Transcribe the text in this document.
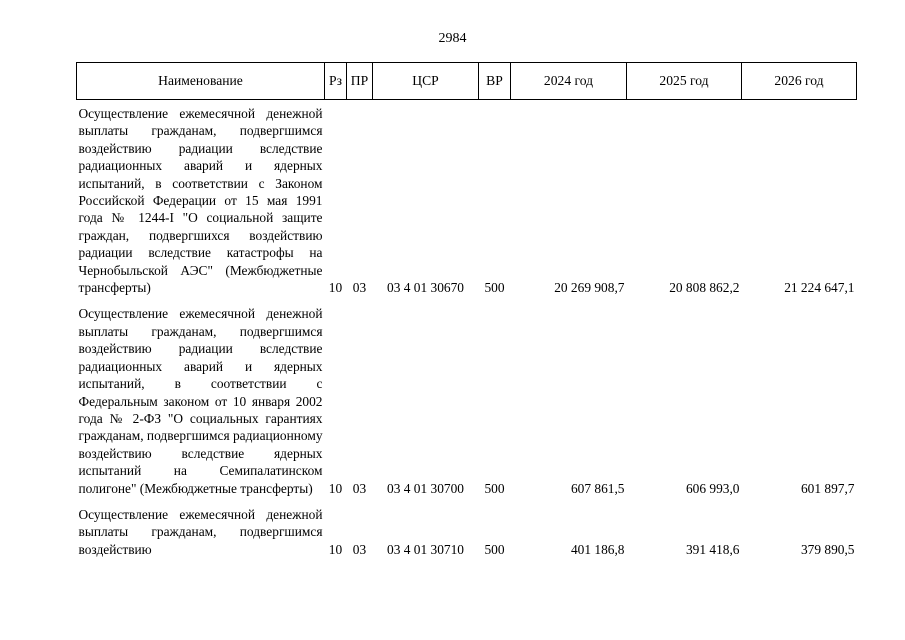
2984
Наименование	Рз	ПР	ЦСР	ВР	2024 год	2025 год	2026 год

Осуществление ежемесячной денежной выплаты гражданам, подвергшимся воздействию радиации вследствие радиационных аварий и ядерных испытаний, в соответствии с Законом Российской Федерации от 15 мая 1991 года № 1244-I "О социальной защите граждан, подвергшихся воздействию радиации вследствие катастрофы на Чернобыльской АЭС" (Межбюджетные трансферты)	10	03	03 4 01 30670	500	20 269 908,7	20 808 862,2	21 224 647,1

Осуществление ежемесячной денежной выплаты гражданам, подвергшимся воздействию радиации вследствие радиационных аварий и ядерных испытаний, в соответствии с Федеральным законом от 10 января 2002 года № 2-ФЗ "О социальных гарантиях гражданам, подвергшимся радиационному воздействию вследствие ядерных испытаний на Семипалатинском полигоне" (Межбюджетные трансферты)	10	03	03 4 01 30700	500	607 861,5	606 993,0	601 897,7

Осуществление ежемесячной денежной выплаты гражданам, подвергшимся воздействию	10	03	03 4 01 30710	500	401 186,8	391 418,6	379 890,5
